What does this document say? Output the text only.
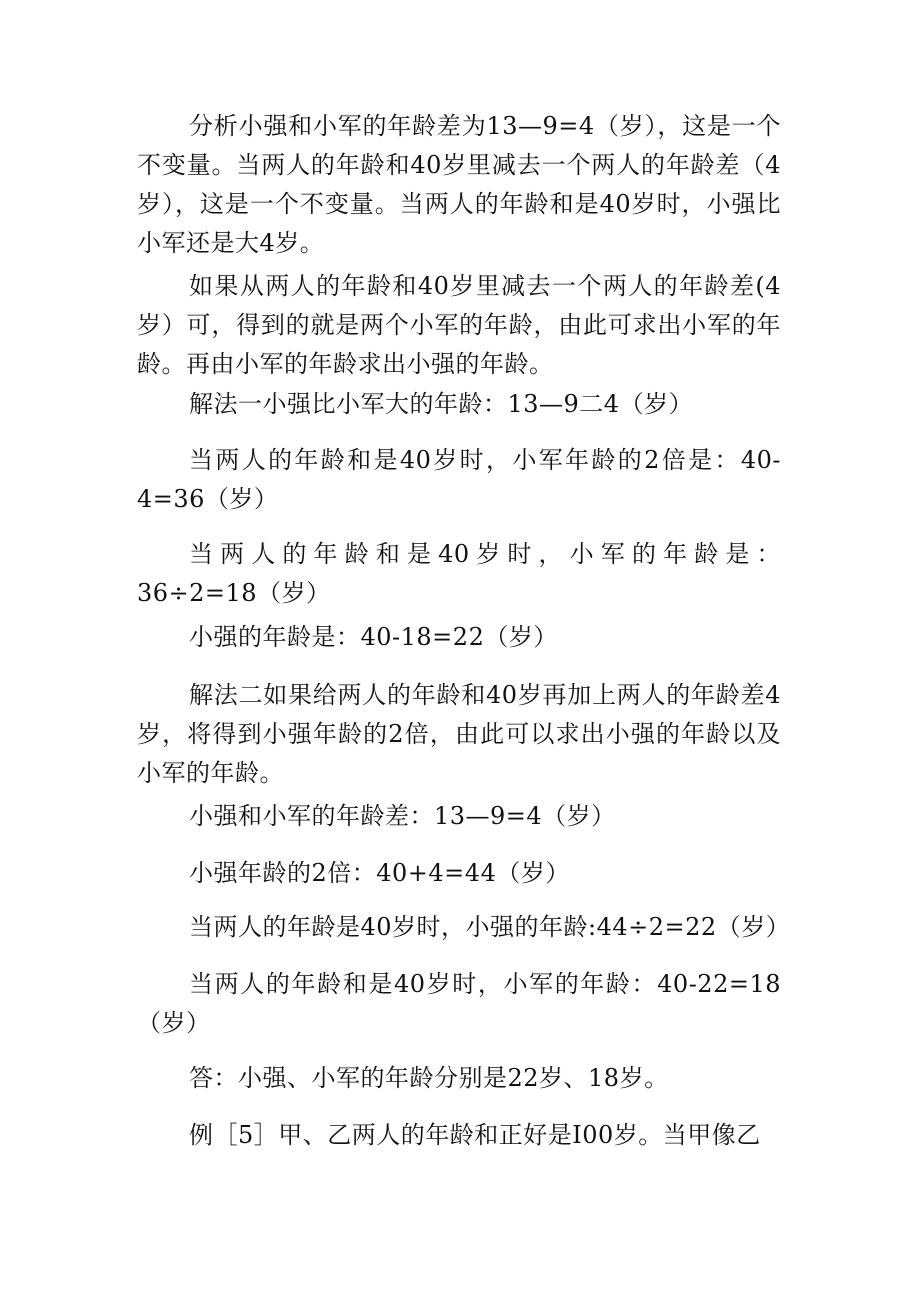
分析小强和小军的年龄差为13—9=4（岁），这是一个不变量。当两人的年龄和40岁里减去一个两人的年龄差（4岁），这是一个不变量。当两人的年龄和是40岁时，小强比小军还是大4岁。

如果从两人的年龄和40岁里减去一个两人的年龄差(4岁）可，得到的就是两个小军的年龄，由此可求出小军的年龄。再由小军的年龄求出小强的年龄。

解法一小强比小军大的年龄：13—9二4（岁）

当两人的年龄和是40岁时，小军年龄的2倍是：40-4=36（岁）

当两人的年龄和是40岁时，小军的年龄是：36÷2=18（岁）

小强的年龄是：40-18=22（岁）

解法二如果给两人的年龄和40岁再加上两人的年龄差4岁，将得到小强年龄的2倍，由此可以求出小强的年龄以及小军的年龄。

小强和小军的年龄差：13—9=4（岁）

小强年龄的2倍：40+4=44（岁）

当两人的年龄是40岁时，小强的年龄:44÷2=22（岁）

当两人的年龄和是40岁时，小军的年龄：40-22=18（岁）

答：小强、小军的年龄分别是22岁、18岁。

例［5］甲、乙两人的年龄和正好是I00岁。当甲像乙
